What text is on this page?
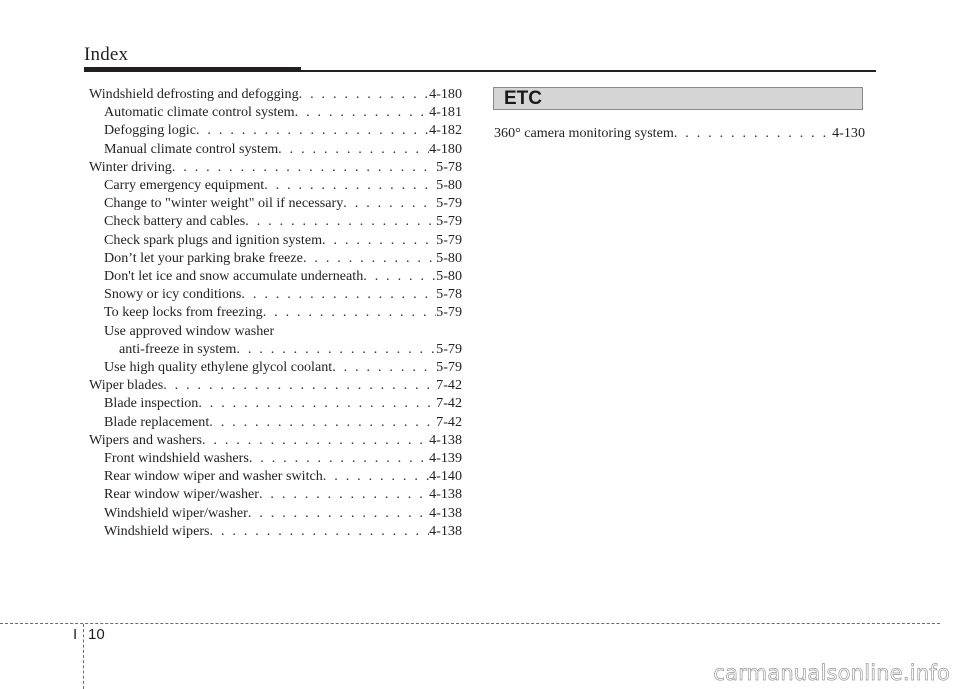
Index
Windshield defrosting and defogging . . .	4-180
Automatic climate control system . . .	4-181
Defogging logic . . .	4-182
Manual climate control system . . .	4-180
Winter driving . . .	5-78
Carry emergency equipment . . .	5-80
Change to "winter weight" oil if necessary . . .	5-79
Check battery and cables . . .	5-79
Check spark plugs and ignition system . . .	5-79
Don’t let your parking brake freeze . . .	5-80
Don't let ice and snow accumulate underneath . . .	5-80
Snowy or icy conditions . . .	5-78
To keep locks from freezing . . .	5-79
Use approved window washer
anti-freeze in system . . .	5-79
Use high quality ethylene glycol coolant . . .	5-79
Wiper blades . . .	7-42
Blade inspection . . .	7-42
Blade replacement . . .	7-42
Wipers and washers . . .	4-138
Front windshield washers . . .	4-139
Rear window wiper and washer switch . . .	4-140
Rear window wiper/washer . . .	4-138
Windshield wiper/washer . . .	4-138
Windshield wipers . . .	4-138
ETC
360° camera monitoring system . . .	4-130
I 10
carmanualsonline.info
